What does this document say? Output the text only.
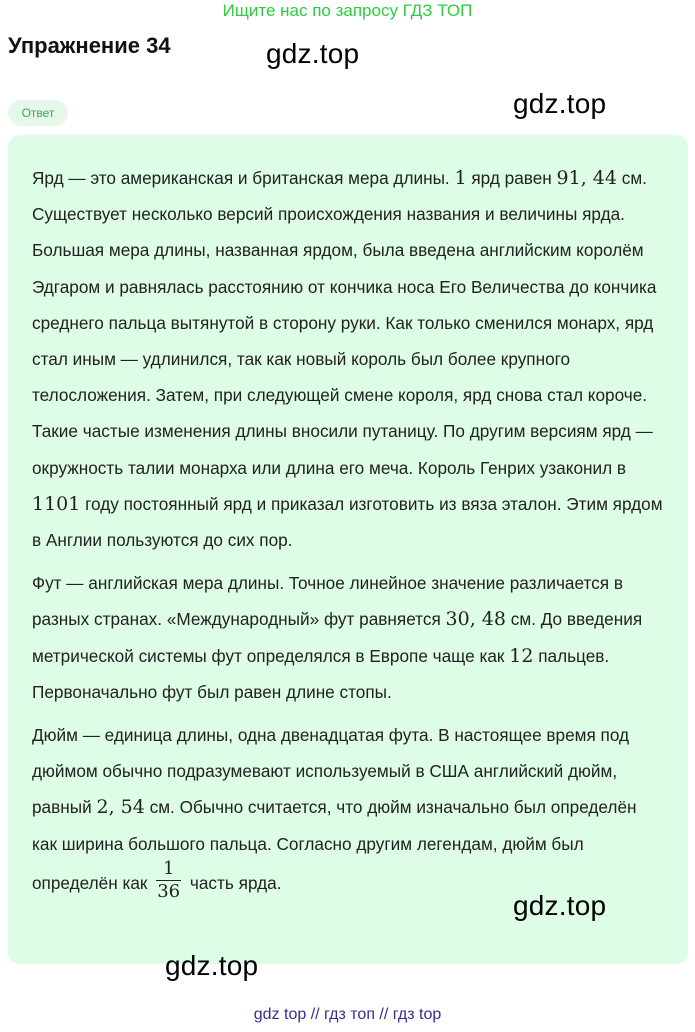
Ищите нас по запросу ГДЗ ТОП
Упражнение 34	gdz.top
gdz.top
Ответ

Ярд — это американская и британская мера длины. 1 ярд равен 91, 44 см. Существует несколько версий происхождения названия и величины ярда. Большая мера длины, названная ярдом, была введена английским королём Эдгаром и равнялась расстоянию от кончика носа Его Величества до кончика среднего пальца вытянутой в сторону руки. Как только сменился монарх, ярд стал иным — удлинился, так как новый король был более крупного телосложения. Затем, при следующей смене короля, ярд снова стал короче. Такие частые изменения длины вносили путаницу. По другим версиям ярд — окружность талии монарха или длина его меча. Король Генрих узаконил в 1101 году постоянный ярд и приказал изготовить из вяза эталон. Этим ярдом в Англии пользуются до сих пор.

Фут — английская мера длины. Точное линейное значение различается в разных странах. «Международный» фут равняется 30, 48 см. До введения метрической системы фут определялся в Европе чаще как 12 пальцев. Первоначально фут был равен длине стопы.

Дюйм — единица длины, одна двенадцатая фута. В настоящее время под дюймом обычно подразумевают используемый в США английский дюйм, равный 2, 54 см. Обычно считается, что дюйм изначально был определён как ширина большого пальца. Согласно другим легендам, дюйм был определён как $\frac{1}{36}$ часть ярда.

gdz.top
gdz.top
gdz top // гдз топ // гдз top
